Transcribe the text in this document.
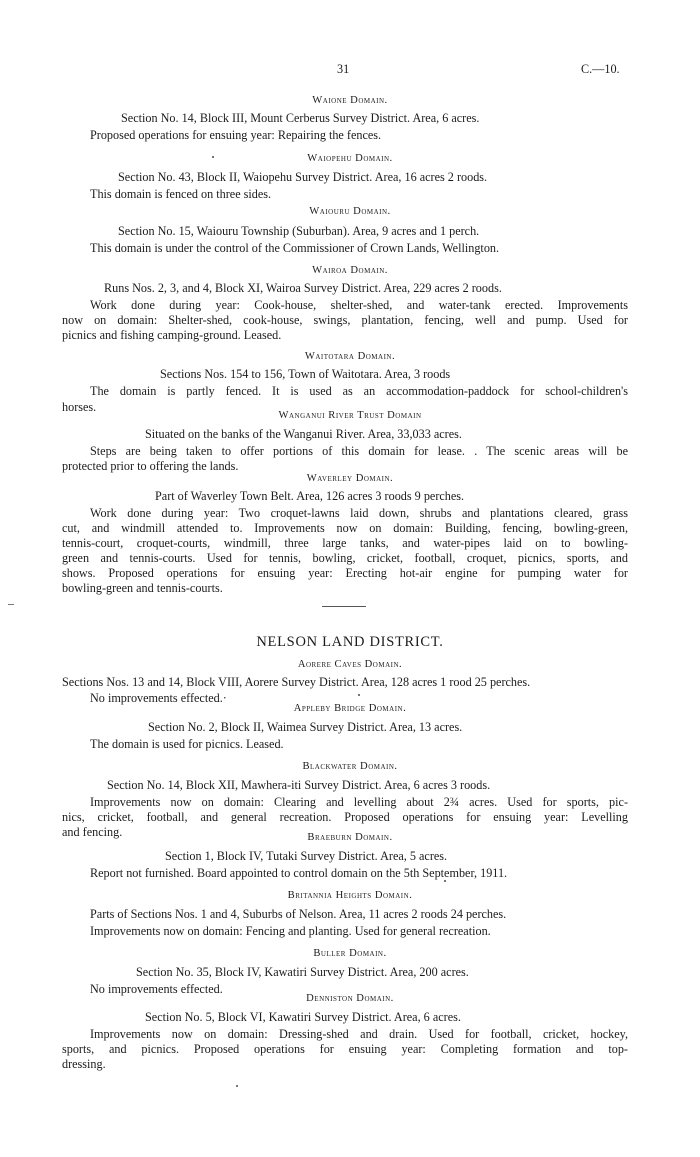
31	C.—10.
Waione Domain.
Section No. 14, Block III, Mount Cerberus Survey District. Area, 6 acres.
Proposed operations for ensuing year: Repairing the fences.
Waiopehu Domain.
Section No. 43, Block II, Waiopehu Survey District. Area, 16 acres 2 roods.
This domain is fenced on three sides.
Waiouru Domain.
Section No. 15, Waiouru Township (Suburban). Area, 9 acres and 1 perch.
This domain is under the control of the Commissioner of Crown Lands, Wellington.
Wairoa Domain.
Runs Nos. 2, 3, and 4, Block XI, Wairoa Survey District. Area, 229 acres 2 roods.
Work done during year: Cook-house, shelter-shed, and water-tank erected. Improvements
now on domain: Shelter-shed, cook-house, swings, plantation, fencing, well and pump. Used for
picnics and fishing camping-ground. Leased.
Waitotara Domain.
Sections Nos. 154 to 156, Town of Waitotara. Area, 3 roods
The domain is partly fenced. It is used as an accommodation-paddock for school-children's
horses.
Wanganui River Trust Domain
Situated on the banks of the Wanganui River. Area, 33,033 acres.
Steps are being taken to offer portions of this domain for lease. . The scenic areas will be
protected prior to offering the lands.
Waverley Domain.
Part of Waverley Town Belt. Area, 126 acres 3 roods 9 perches.
Work done during year: Two croquet-lawns laid down, shrubs and plantations cleared, grass
cut, and windmill attended to. Improvements now on domain: Building, fencing, bowling-green,
tennis-court, croquet-courts, windmill, three large tanks, and water-pipes laid on to bowling-
green and tennis-courts. Used for tennis, bowling, cricket, football, croquet, picnics, sports, and
shows. Proposed operations for ensuing year: Erecting hot-air engine for pumping water for
bowling-green and tennis-courts.
NELSON LAND DISTRICT.
Aorere Caves Domain.
Sections Nos. 13 and 14, Block VIII, Aorere Survey District. Area, 128 acres 1 rood 25 perches.
No improvements effected.·
Appleby Bridge Domain.
Section No. 2, Block II, Waimea Survey District. Area, 13 acres.
The domain is used for picnics. Leased.
Blackwater Domain.
Section No. 14, Block XII, Mawhera-iti Survey District. Area, 6 acres 3 roods.
Improvements now on domain: Clearing and levelling about 2¾ acres. Used for sports, pic-
nics, cricket, football, and general recreation. Proposed operations for ensuing year: Levelling
and fencing.	Braeburn Domain.
Section 1, Block IV, Tutaki Survey District. Area, 5 acres.
Report not furnished. Board appointed to control domain on the 5th September, 1911.
Britannia Heights Domain.
Parts of Sections Nos. 1 and 4, Suburbs of Nelson. Area, 11 acres 2 roods 24 perches.
Improvements now on domain: Fencing and planting. Used for general recreation.
Buller Domain.
Section No. 35, Block IV, Kawatiri Survey District. Area, 200 acres.
No improvements effected.
Denniston Domain.
Section No. 5, Block VI, Kawatiri Survey District. Area, 6 acres.
Improvements now on domain: Dressing-shed and drain. Used for football, cricket, hockey,
sports, and picnics. Proposed operations for ensuing year: Completing formation and top-
dressing.
